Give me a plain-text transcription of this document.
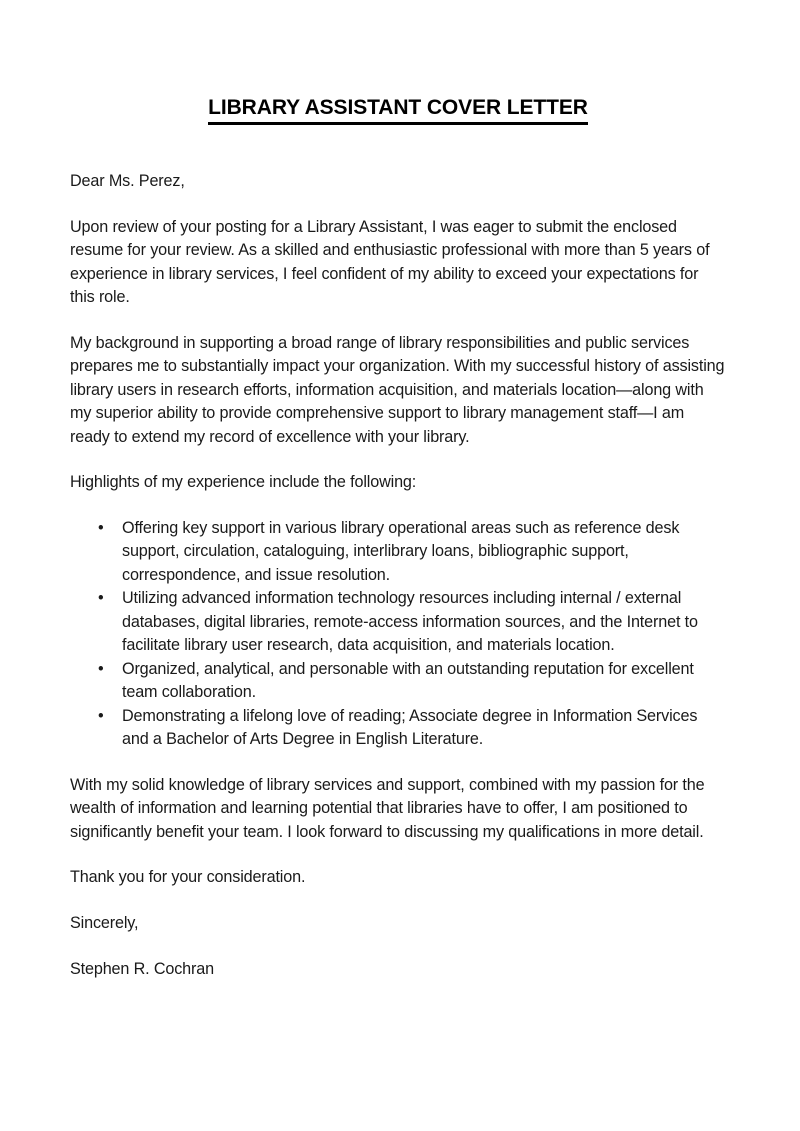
LIBRARY ASSISTANT COVER LETTER

Dear Ms. Perez,

Upon review of your posting for a Library Assistant, I was eager to submit the enclosed resume for your review. As a skilled and enthusiastic professional with more than 5 years of experience in library services, I feel confident of my ability to exceed your expectations for this role.

My background in supporting a broad range of library responsibilities and public services prepares me to substantially impact your organization. With my successful history of assisting library users in research efforts, information acquisition, and materials location—along with my superior ability to provide comprehensive support to library management staff—I am ready to extend my record of excellence with your library.

Highlights of my experience include the following:

• Offering key support in various library operational areas such as reference desk support, circulation, cataloguing, interlibrary loans, bibliographic support, correspondence, and issue resolution.
• Utilizing advanced information technology resources including internal / external databases, digital libraries, remote-access information sources, and the Internet to facilitate library user research, data acquisition, and materials location.
• Organized, analytical, and personable with an outstanding reputation for excellent team collaboration.
• Demonstrating a lifelong love of reading; Associate degree in Information Services and a Bachelor of Arts Degree in English Literature.

With my solid knowledge of library services and support, combined with my passion for the wealth of information and learning potential that libraries have to offer, I am positioned to significantly benefit your team. I look forward to discussing my qualifications in more detail.

Thank you for your consideration.

Sincerely,

Stephen R. Cochran
